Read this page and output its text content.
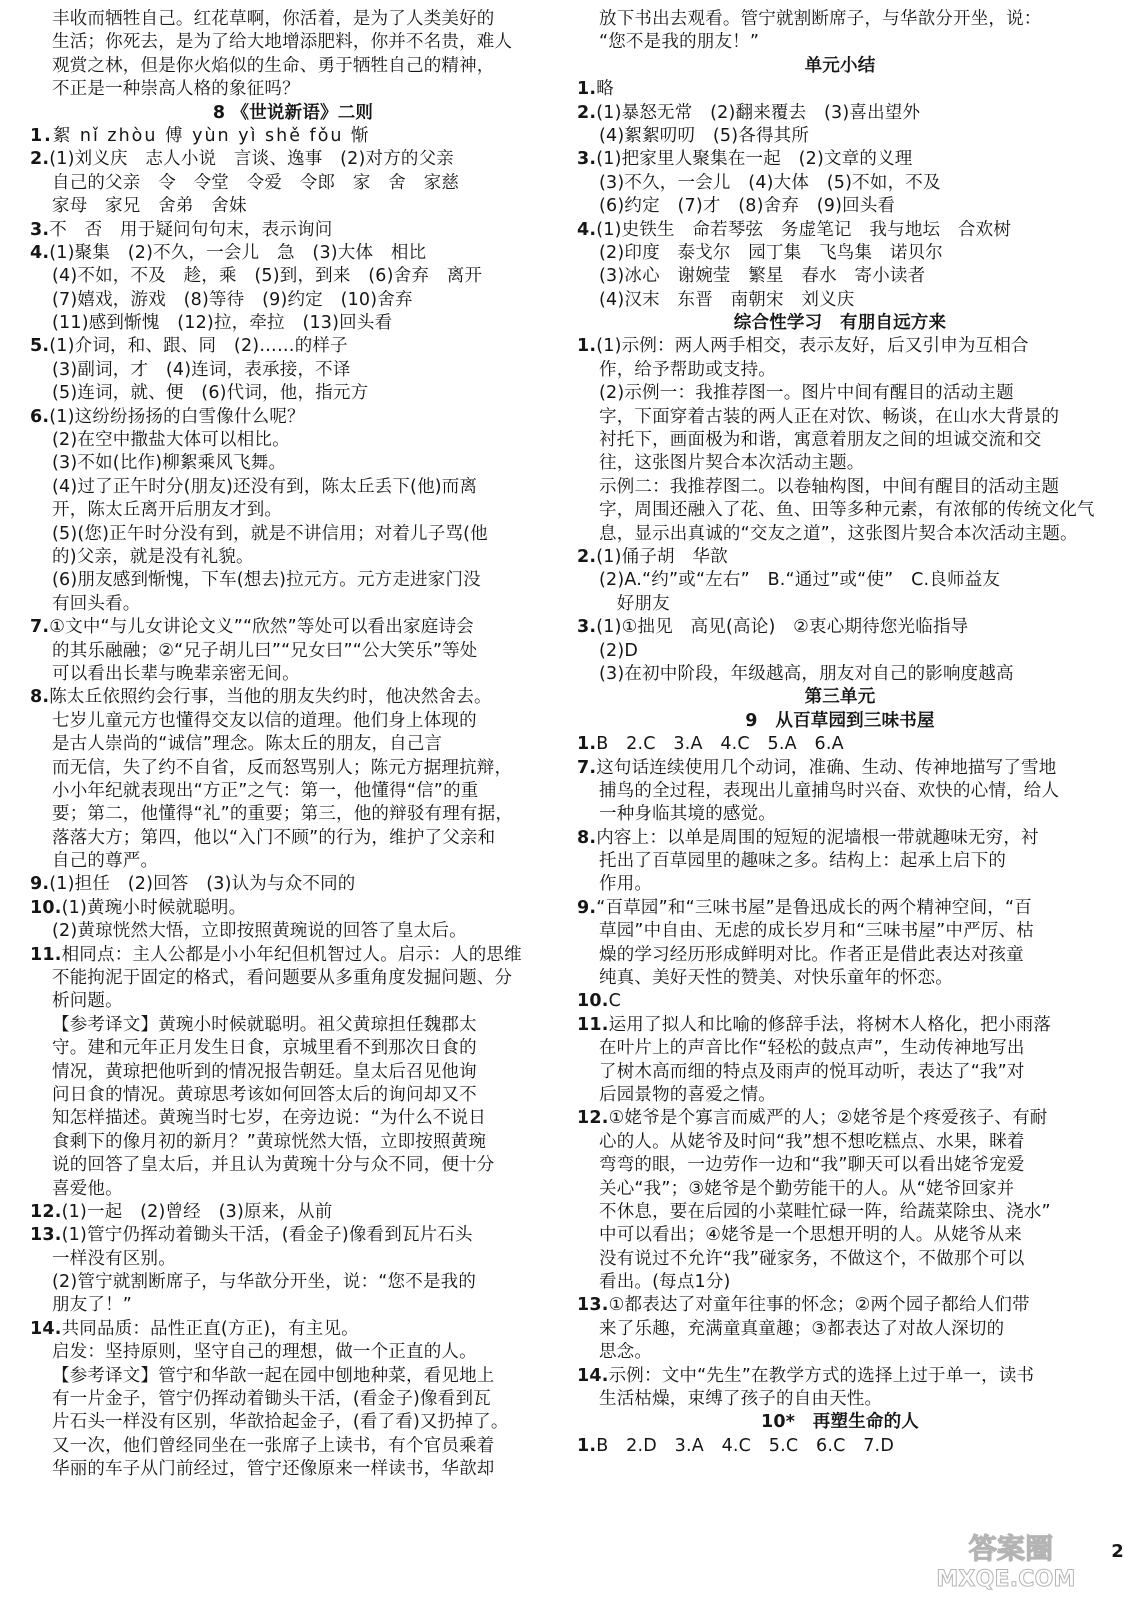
丰收而牺牲自己。红花草啊，你活着，是为了人类美好的
生活；你死去，是为了给大地增添肥料，你并不名贵，难人
观赏之林，但是你火焰似的生命、勇于牺牲自己的精神，
不正是一种崇高人格的象征吗？
8 《世说新语》二则
1.絮 nǐ zhòu 傅 yùn yì shě fǒu 惭
2.(1)刘义庆　志人小说　言谈、逸事　(2)对方的父亲
自己的父亲　令　令堂　令爱　令郎　家　舍　家慈
家母　家兄　舍弟　舍妹
3.不　否　用于疑问句句末，表示询问
4.(1)聚集　(2)不久，一会儿　急　(3)大体　相比
(4)不如，不及　趁，乘　(5)到，到来　(6)舍弃　离开
(7)嬉戏，游戏　(8)等待　(9)约定　(10)舍弃
(11)感到惭愧　(12)拉，牵拉　(13)回头看
5.(1)介词，和、跟、同　(2)……的样子
(3)副词，才　(4)连词，表承接，不译
(5)连词，就、便　(6)代词，他，指元方
6.(1)这纷纷扬扬的白雪像什么呢？
(2)在空中撒盐大体可以相比。
(3)不如(比作)柳絮乘风飞舞。
(4)过了正午时分(朋友)还没有到，陈太丘丢下(他)而离
开，陈太丘离开后朋友才到。
(5)(您)正午时分没有到，就是不讲信用；对着儿子骂(他
的)父亲，就是没有礼貌。
(6)朋友感到惭愧，下车(想去)拉元方。元方走进家门没
有回头看。
7.①文中“与儿女讲论文义”“欣然”等处可以看出家庭诗会
的其乐融融；②“兄子胡儿曰”“兄女曰”“公大笑乐”等处
可以看出长辈与晚辈亲密无间。
8.陈太丘依照约会行事，当他的朋友失约时，他决然舍去。
七岁儿童元方也懂得交友以信的道理。他们身上体现的
是古人崇尚的“诚信”理念。陈太丘的朋友，自己言
而无信，失了约不自省，反而怒骂别人；陈元方据理抗辩，
小小年纪就表现出“方正”之气：第一，他懂得“信”的重
要；第二，他懂得“礼”的重要；第三，他的辩驳有理有据，
落落大方；第四，他以“入门不顾”的行为，维护了父亲和
自己的尊严。
9.(1)担任　(2)回答　(3)认为与众不同的
10.(1)黄琬小时候就聪明。
(2)黄琼恍然大悟，立即按照黄琬说的回答了皇太后。
11.相同点：主人公都是小小年纪但机智过人。启示：人的思维
不能拘泥于固定的格式，看问题要从多重角度发掘问题、分
析问题。
【参考译文】黄琬小时候就聪明。祖父黄琼担任魏郡太
守。建和元年正月发生日食，京城里看不到那次日食的
情况，黄琼把他听到的情况报告朝廷。皇太后召见他询
问日食的情况。黄琼思考该如何回答太后的询问却又不
知怎样描述。黄琬当时七岁，在旁边说：“为什么不说日
食剩下的像月初的新月？”黄琼恍然大悟，立即按照黄琬
说的回答了皇太后，并且认为黄琬十分与众不同，便十分
喜爱他。
12.(1)一起　(2)曾经　(3)原来，从前
13.(1)管宁仍挥动着锄头干活，(看金子)像看到瓦片石头
一样没有区别。
(2)管宁就割断席子，与华歆分开坐，说：“您不是我的
朋友了！”
14.共同品质：品性正直(方正)，有主见。
启发：坚持原则，坚守自己的理想，做一个正直的人。
【参考译文】管宁和华歆一起在园中刨地种菜，看见地上
有一片金子，管宁仍挥动着锄头干活，(看金子)像看到瓦
片石头一样没有区别，华歆拾起金子，(看了看)又扔掉了。
又一次，他们曾经同坐在一张席子上读书，有个官员乘着
华丽的车子从门前经过，管宁还像原来一样读书，华歆却
放下书出去观看。管宁就割断席子，与华歆分开坐，说：
“您不是我的朋友！”
单元小结
1.略
2.(1)暴怒无常　(2)翻来覆去　(3)喜出望外
(4)絮絮叨叨　(5)各得其所
3.(1)把家里人聚集在一起　(2)文章的义理
(3)不久，一会儿　(4)大体　(5)不如，不及
(6)约定　(7)才　(8)舍弃　(9)回头看
4.(1)史铁生　命若琴弦　务虚笔记　我与地坛　合欢树
(2)印度　泰戈尔　园丁集　飞鸟集　诺贝尔
(3)冰心　谢婉莹　繁星　春水　寄小读者
(4)汉末　东晋　南朝宋　刘义庆
综合性学习　有朋自远方来
1.(1)示例：两人两手相交，表示友好，后又引申为互相合
作，给予帮助或支持。
(2)示例一：我推荐图一。图片中间有醒目的活动主题
字，下面穿着古装的两人正在对饮、畅谈，在山水大背景的
衬托下，画面极为和谐，寓意着朋友之间的坦诚交流和交
往，这张图片契合本次活动主题。
示例二：我推荐图二。以卷轴构图，中间有醒目的活动主题
字，周围还融入了花、鱼、田等多种元素，有浓郁的传统文化气
息，显示出真诚的“交友之道”，这张图片契合本次活动主题。
2.(1)俑子胡　华歆
(2)A.“约”或“左右”　B.“通过”或“使”　C.良师益友
　好朋友
3.(1)①拙见　高见(高论)　②衷心期待您光临指导
(2)D
(3)在初中阶段，年级越高，朋友对自己的影响度越高
第三单元
9　从百草园到三味书屋
1.B　2.C　3.A　4.C　5.A　6.A
7.这句话连续使用几个动词，准确、生动、传神地描写了雪地
捕鸟的全过程，表现出儿童捕鸟时兴奋、欢快的心情，给人
一种身临其境的感觉。
8.内容上：以单是周围的短短的泥墙根一带就趣味无穷，衬
托出了百草园里的趣味之多。结构上：起承上启下的
作用。
9.“百草园”和“三味书屋”是鲁迅成长的两个精神空间，“百
草园”中自由、无虑的成长岁月和“三味书屋”中严厉、枯
燥的学习经历形成鲜明对比。作者正是借此表达对孩童
纯真、美好天性的赞美、对快乐童年的怀恋。
10.C
11.运用了拟人和比喻的修辞手法，将树木人格化，把小雨落
在叶片上的声音比作“轻松的鼓点声”，生动传神地写出
了树木高而细的特点及雨声的悦耳动听，表达了“我”对
后园景物的喜爱之情。
12.①姥爷是个寡言而威严的人；②姥爷是个疼爱孩子、有耐
心的人。从姥爷及时问“我”想不想吃糕点、水果，眯着
弯弯的眼，一边劳作一边和“我”聊天可以看出姥爷宠爱
关心“我”；③姥爷是个勤劳能干的人。从“姥爷回家并
不休息，要在后园的小菜畦忙碌一阵，给蔬菜除虫、浇水”
中可以看出；④姥爷是一个思想开明的人。从姥爷从来
没有说过不允许“我”碰家务，不做这个，不做那个可以
看出。(每点1分)
13.①都表达了对童年往事的怀念；②两个园子都给人们带
来了乐趣，充满童真童趣；③都表达了对故人深切的
思念。
14.示例：文中“先生”在教学方式的选择上过于单一，读书
生活枯燥，束缚了孩子的自由天性。
10*　再塑生命的人
1.B　2.D　3.A　4.C　5.C　6.C　7.D
2
答案圈
MXQE.COM
